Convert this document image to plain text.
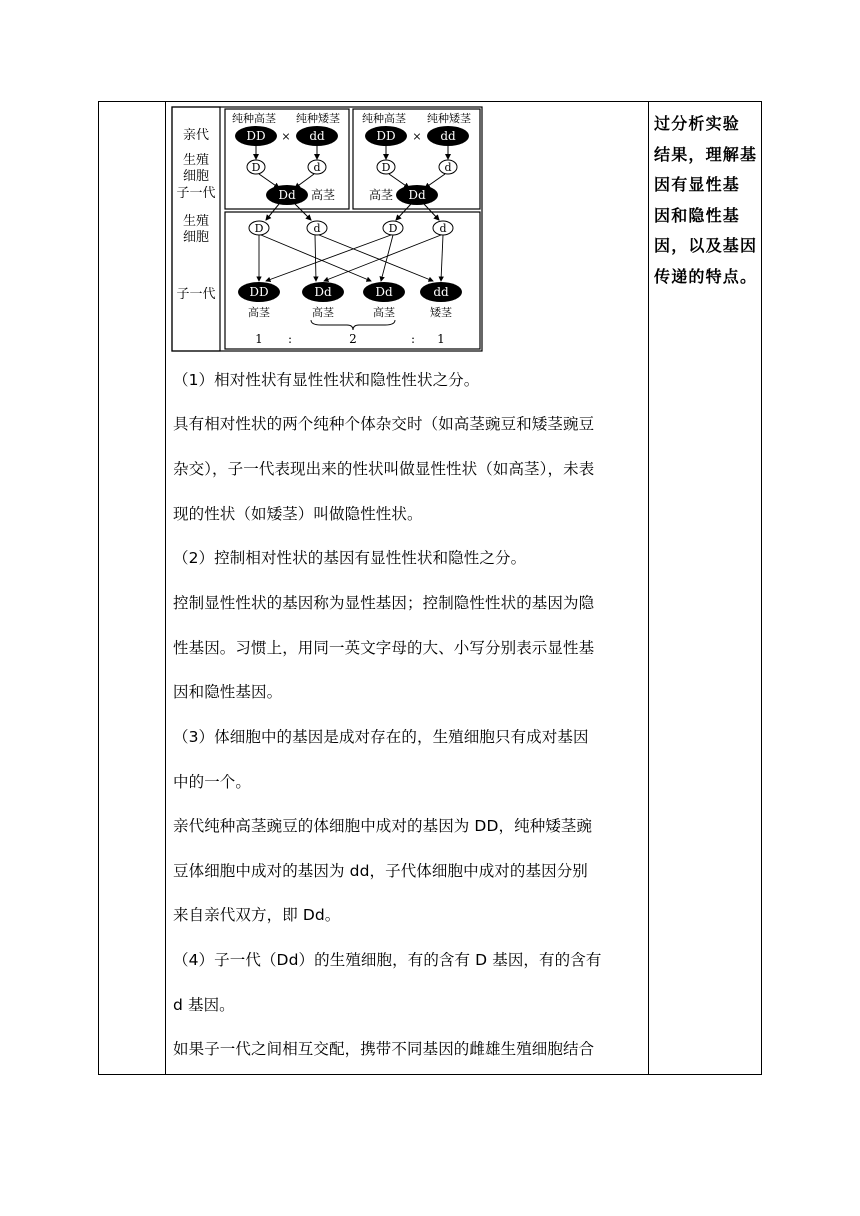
过分析实验
结果，理解基
因有显性基
因和隐性基
因，以及基因
传递的特点。
亲代
生殖
细胞
子一代
生殖
细胞
子一代
纯种高茎 纯种矮茎
DD × dd
D	d
Dd 高茎
纯种高茎 纯种矮茎
DD × dd
D	d
Dd
高茎
D	d	D	d
DD	Dd	Dd	dd
高茎	高茎	高茎	矮茎
1 :	2	: 1
（1）相对性状有显性性状和隐性性状之分。
具有相对性状的两个纯种个体杂交时（如高茎豌豆和矮茎豌豆
杂交），子一代表现出来的性状叫做显性性状（如高茎），未表
现的性状（如矮茎）叫做隐性性状。
（2）控制相对性状的基因有显性性状和隐性之分。
控制显性性状的基因称为显性基因；控制隐性性状的基因为隐
性基因。习惯上，用同一英文字母的大、小写分别表示显性基
因和隐性基因。
（3）体细胞中的基因是成对存在的，生殖细胞只有成对基因
中的一个。
亲代纯种高茎豌豆的体细胞中成对的基因为 DD，纯种矮茎豌
豆体细胞中成对的基因为 dd，子代体细胞中成对的基因分别
来自亲代双方，即 Dd。
（4）子一代（Dd）的生殖细胞，有的含有 D 基因，有的含有
d 基因。
如果子一代之间相互交配，携带不同基因的雌雄生殖细胞结合
